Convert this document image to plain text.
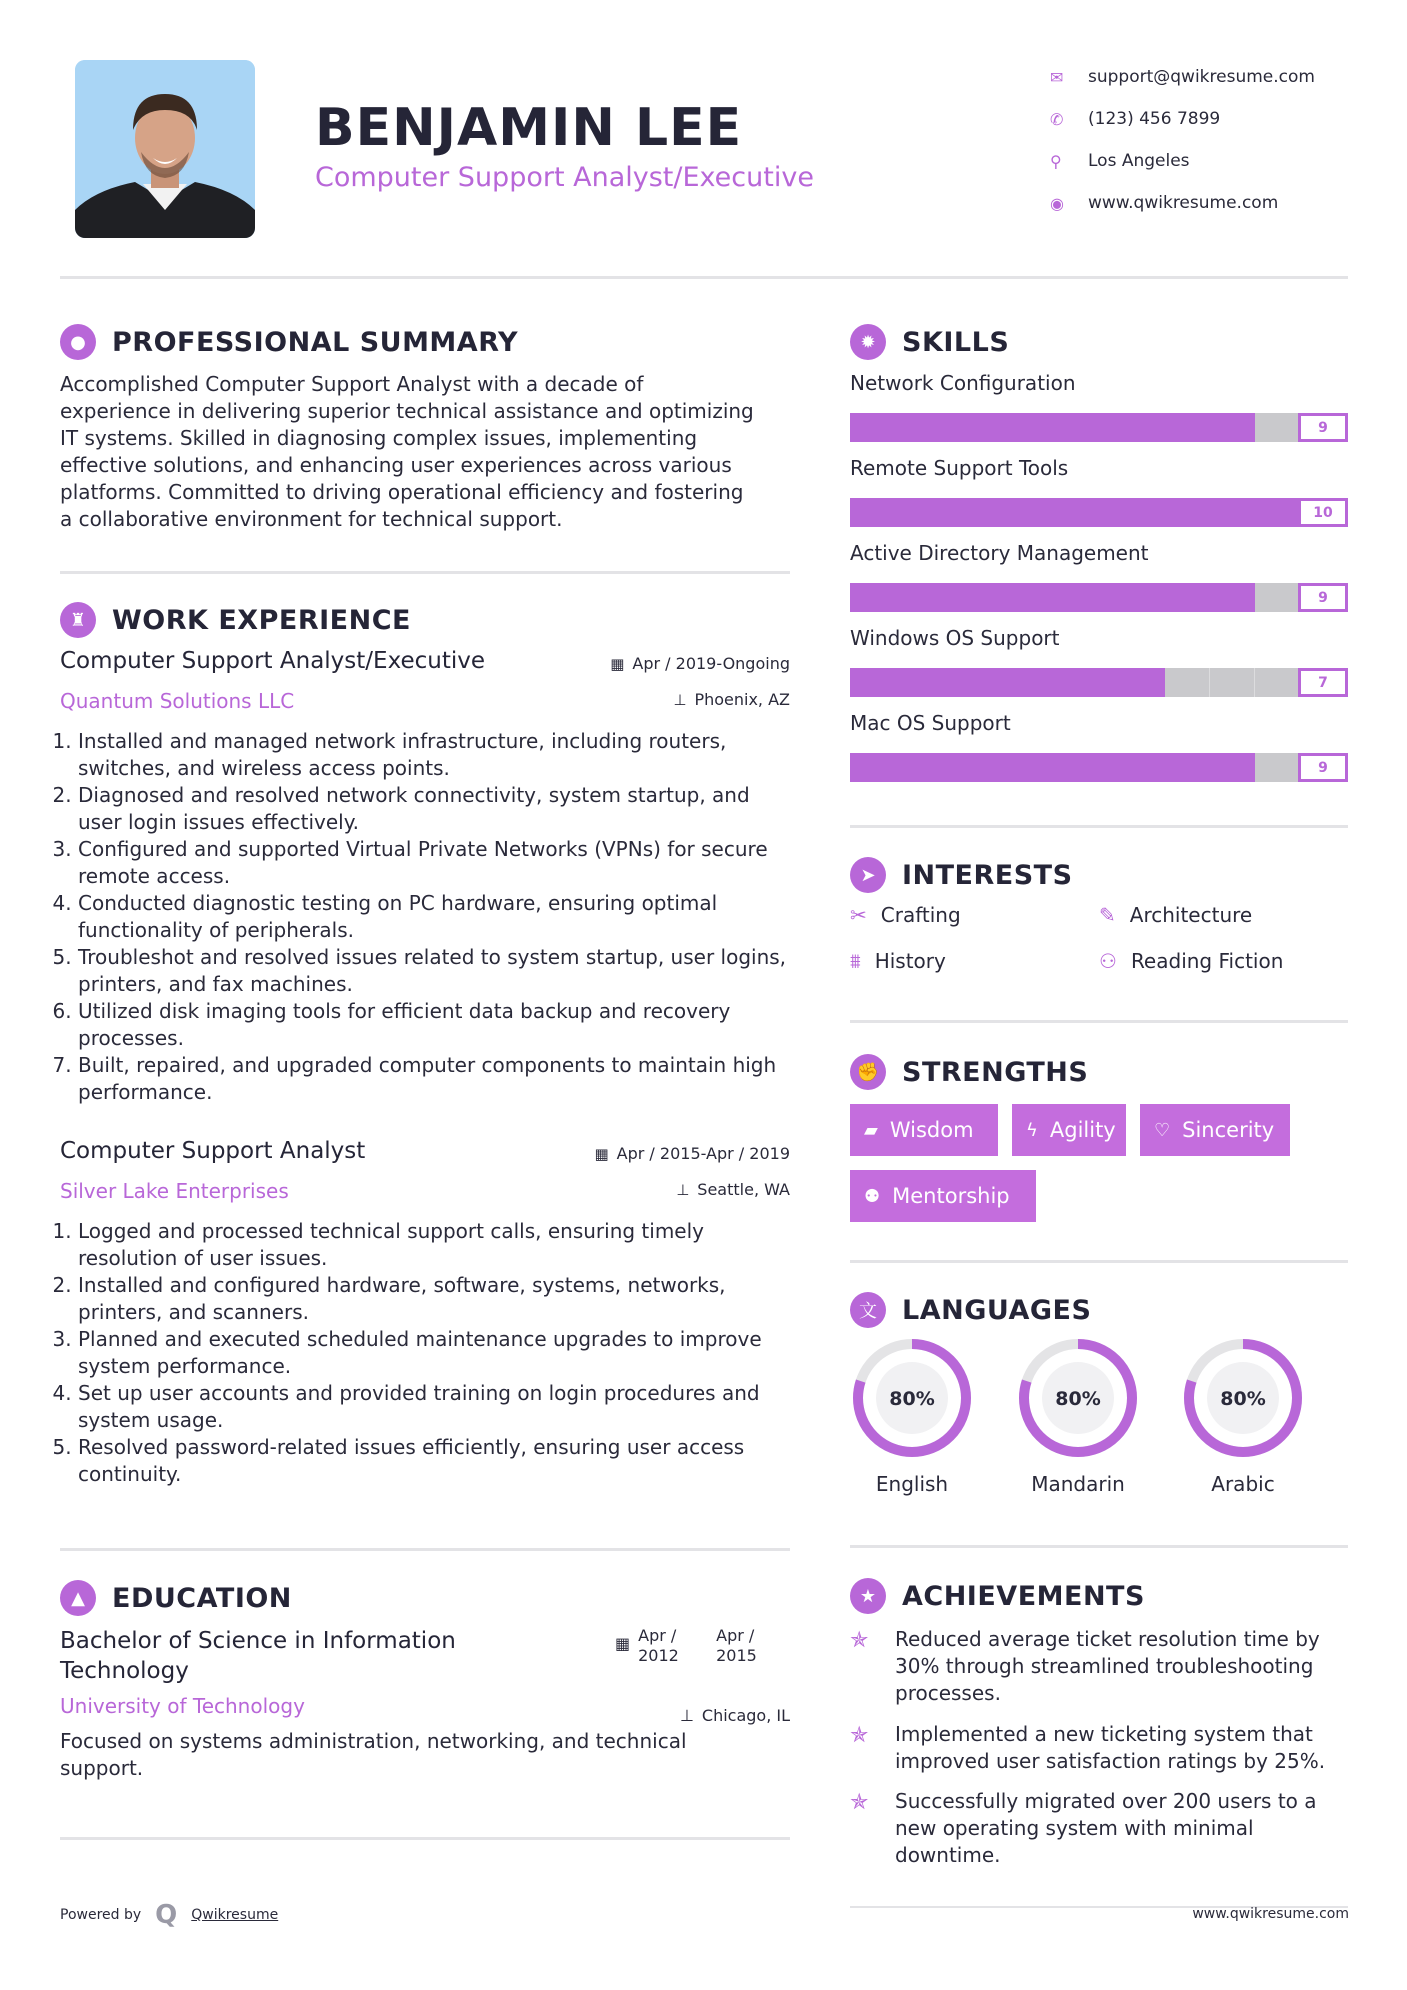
BENJAMIN LEE
Computer Support Analyst/Executive
✉	support@qwikresume.com
✆	(123) 456 7899
⚲	Los Angeles
◉	www.qwikresume.com
● PROFESSIONAL SUMMARY
Accomplished Computer Support Analyst with a decade of
experience in delivering superior technical assistance and optimizing
IT systems. Skilled in diagnosing complex issues, implementing
effective solutions, and enhancing user experiences across various
platforms. Committed to driving operational efficiency and fostering
a collaborative environment for technical support.
♜ WORK EXPERIENCE
Computer Support Analyst/Executive	▦ Apr / 2019-Ongoing
Quantum Solutions LLC	⊥ Phoenix, AZ
1. Installed and managed network infrastructure, including routers, switches, and wireless access points.
2. Diagnosed and resolved network connectivity, system startup, and user login issues effectively.
3. Configured and supported Virtual Private Networks (VPNs) for secure remote access.
4. Conducted diagnostic testing on PC hardware, ensuring optimal functionality of peripherals.
5. Troubleshot and resolved issues related to system startup, user logins, printers, and fax machines.
6. Utilized disk imaging tools for efficient data backup and recovery processes.
7. Built, repaired, and upgraded computer components to maintain high performance.
Computer Support Analyst	▦ Apr / 2015-Apr / 2019
Silver Lake Enterprises	⊥ Seattle, WA
1. Logged and processed technical support calls, ensuring timely resolution of user issues.
2. Installed and configured hardware, software, systems, networks, printers, and scanners.
3. Planned and executed scheduled maintenance upgrades to improve system performance.
4. Set up user accounts and provided training on login procedures and system usage.
5. Resolved password-related issues efficiently, ensuring user access continuity.
▲	EDUCATION
Bachelor of Science in Information
Technology
▦ Apr /
2012
Apr /
2015
University of Technology	⊥ Chicago, IL
Focused on systems administration, networking, and technical
support.
✹ SKILLS
Network Configuration
9
Remote Support Tools
10
Active Directory Management
9
Windows OS Support
7
Mac OS Support
9
➤ INTERESTS
✂ Crafting	✎ Architecture
⩩ History	⚇ Reading Fiction
✊ STRENGTHS
▰ Wisdom	ϟ Agility ♡ Sincerity
⚉ Mentorship
文 LANGUAGES
80%
English
80%
Mandarin
80%
Arabic
★ ACHIEVEMENTS
✯	Reduced average ticket resolution time by
30% through streamlined troubleshooting
processes.
✯	Implemented a new ticketing system that
improved user satisfaction ratings by 25%.
✯	Successfully migrated over 200 users to a
new operating system with minimal
downtime.
Powered by Q Qwikresume	www.qwikresume.com
